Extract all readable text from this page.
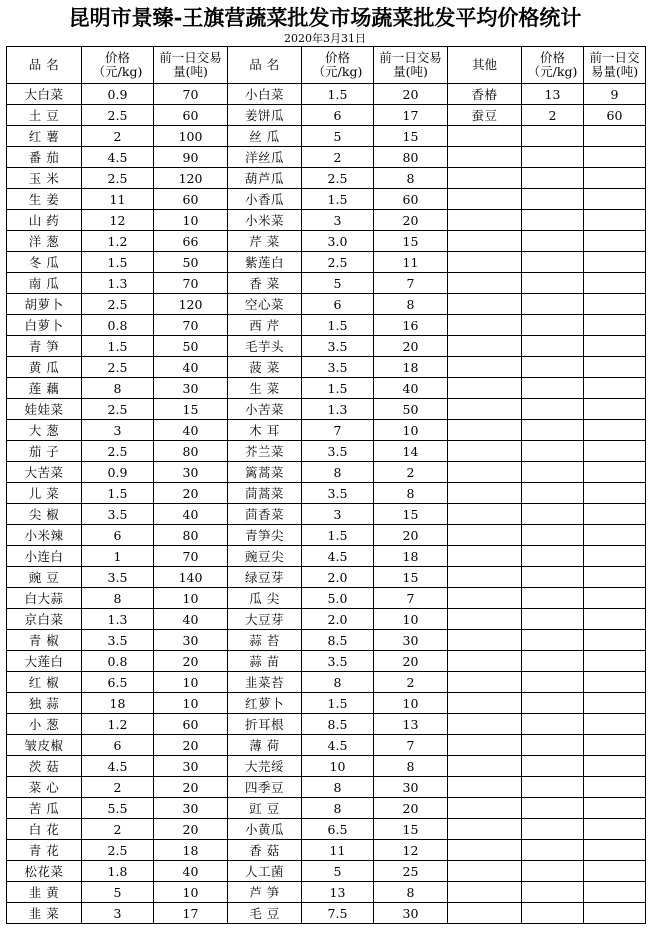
昆明市景臻-王旗营蔬菜批发市场蔬菜批发平均价格统计
2020年3月31日
品 名	价格（元/kg)	前一日交易量(吨)	品 名	价格（元/kg)	前一日交易量(吨)	其他	价格（元/kg)	前一日交易量(吨)
大白菜	0.9	70	小白菜	1.5	20	香椿	13	9
土 豆	2.5	60	姜饼瓜	6	17	蚕豆	2	60
红 薯	2	100	丝 瓜	5	15			
番 茄	4.5	90	洋丝瓜	2	80			
玉 米	2.5	120	葫芦瓜	2.5	8			
生 姜	11	60	小香瓜	1.5	60			
山 药	12	10	小米菜	3	20			
洋 葱	1.2	66	芹 菜	3.0	15			
冬 瓜	1.5	50	紫莲白	2.5	11			
南 瓜	1.3	70	香 菜	5	7			
胡萝卜	2.5	120	空心菜	6	8			
白萝卜	0.8	70	西 芹	1.5	16			
青 笋	1.5	50	毛芋头	3.5	20			
黄 瓜	2.5	40	菠 菜	3.5	18			
莲 藕	8	30	生 菜	1.5	40			
娃娃菜	2.5	15	小苦菜	1.3	50			
大 葱	3	40	木 耳	7	10			
茄 子	2.5	80	芥兰菜	3.5	14			
大苦菜	0.9	30	篱蒿菜	8	2			
儿 菜	1.5	20	茼蒿菜	3.5	8			
尖 椒	3.5	40	茴香菜	3	15			
小米辣	6	80	青笋尖	1.5	20			
小连白	1	70	豌豆尖	4.5	18			
豌 豆	3.5	140	绿豆芽	2.0	15			
白大蒜	8	10	瓜 尖	5.0	7			
京白菜	1.3	40	大豆芽	2.0	10			
青 椒	3.5	30	蒜 苔	8.5	30			
大莲白	0.8	20	蒜 苗	3.5	20			
红 椒	6.5	10	韭菜苔	8	2			
独 蒜	18	10	红萝卜	1.5	10			
小 葱	1.2	60	折耳根	8.5	13			
皱皮椒	6	20	薄 荷	4.5	7			
茨 菇	4.5	30	大芫绥	10	8			
菜 心	2	20	四季豆	8	30			
苦 瓜	5.5	30	豇 豆	8	20			
白 花	2	20	小黄瓜	6.5	15			
青 花	2.5	18	香 菇	11	12			
松花菜	1.8	40	人工菌	5	25			
韭 黄	5	10	芦 笋	13	8			
韭 菜	3	17	毛 豆	7.5	30			
